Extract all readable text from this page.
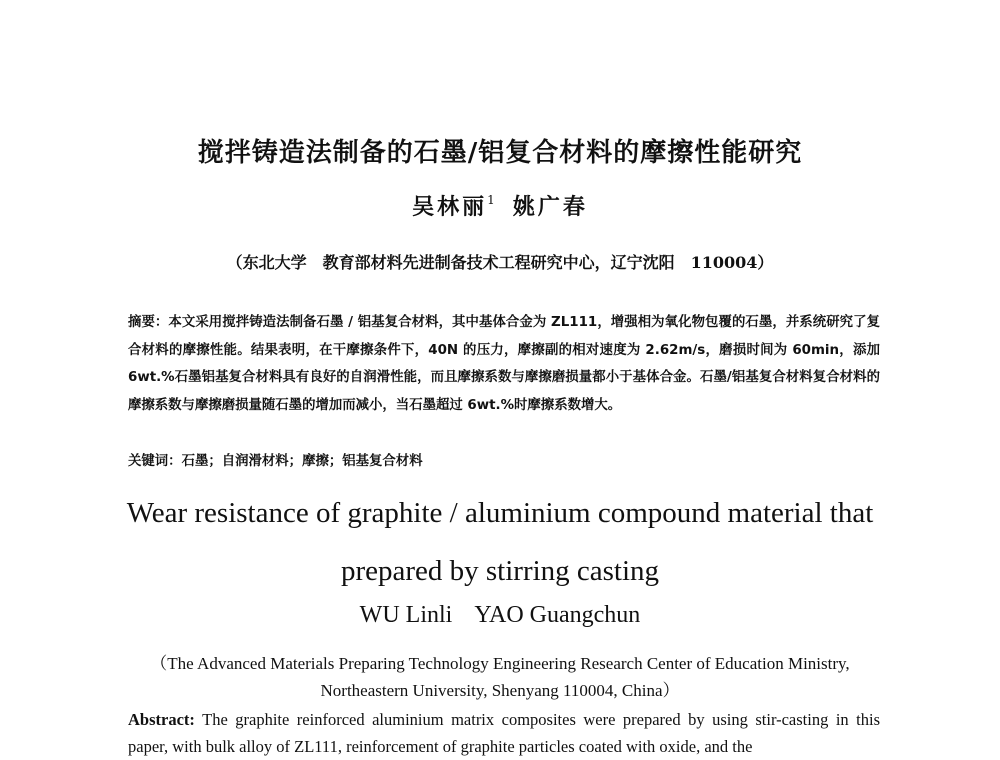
搅拌铸造法制备的石墨/铝复合材料的摩擦性能研究
吴林丽$^1$ 姚广春
（东北大学　教育部材料先进制备技术工程研究中心，辽宁沈阳　110004）
摘要：本文采用搅拌铸造法制备石墨 / 铝基复合材料，其中基体合金为 ZL111，增强相为氧化物包覆的石墨，并系统研究了复合材料的摩擦性能。结果表明，在干摩擦条件下，40N 的压力，摩擦副的相对速度为 2.62m/s，磨损时间为 60min，添加 6wt.%石墨铝基复合材料具有良好的自润滑性能，而且摩擦系数与摩擦磨损量都小于基体合金。石墨/铝基复合材料复合材料的摩擦系数与摩擦磨损量随石墨的增加而减小，当石墨超过 6wt.%时摩擦系数增大。
关键词：石墨；自润滑材料；摩擦；铝基复合材料
Wear resistance of graphite / aluminium compound material that
prepared by stirring casting
WU Linli YAO Guangchun
（The Advanced Materials Preparing Technology Engineering Research Center of Education Ministry,
Northeastern University, Shenyang 110004, China）
Abstract: The graphite reinforced aluminium matrix composites were prepared by using stir-casting in this paper, with bulk alloy of ZL111, reinforcement of graphite particles coated with oxide, and the
